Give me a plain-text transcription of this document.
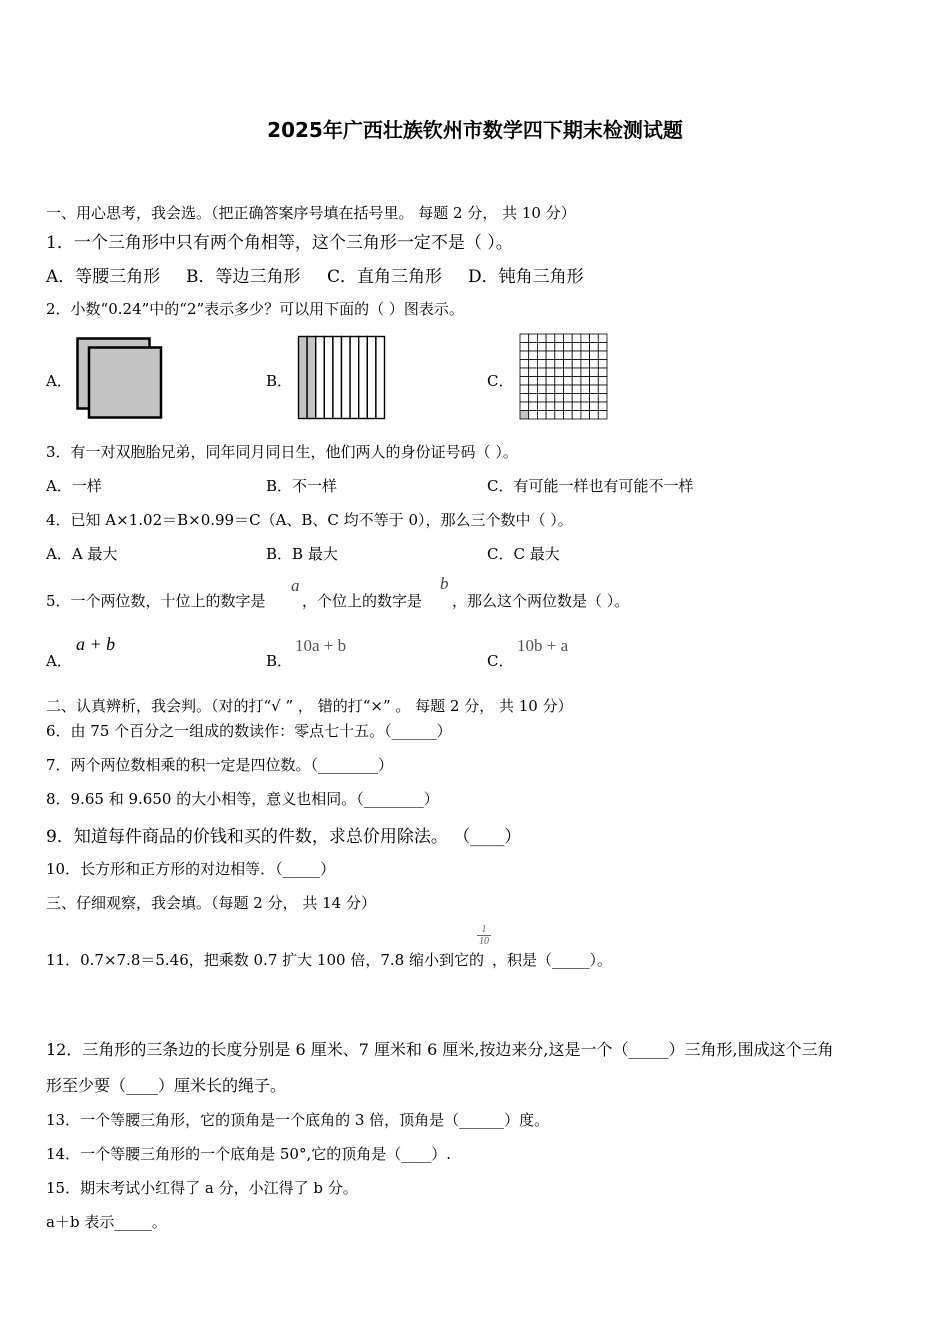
2025年广西壮族钦州市数学四下期末检测试题
一、用心思考，我会选。（把正确答案序号填在括号里。 每题 2 分， 共 10 分）
1．一个三角形中只有两个角相等，这个三角形一定不是（ ）。
A．等腰三角形 B．等边三角形 C．直角三角形 D．钝角三角形
2．小数“0.24”中的“2”表示多少？可以用下面的（ ）图表示。
A．	B．	C．
3．有一对双胞胎兄弟，同年同月同日生，他们两人的身份证号码（ ）。
A．一样	B．不一样	C．有可能一样也有可能不一样
4．已知 A×1.02＝B×0.99＝C（A、B、C 均不等于 0），那么三个数中（ ）。
A．A 最大	B．B 最大	C．C 最大
5．一个两位数，十位上的数字是
a
，个位上的数字是
b
，那么这个两位数是（ ）。
A．
a + b
B．
10a + b
C．
10b + a
二、认真辨析，我会判。（对的打“√ ” ， 错的打“×” 。 每题 2 分， 共 10 分）
6．由 75 个百分之一组成的数读作：零点七十五。（______）
7．两个两位数相乘的积一定是四位数。（________）
8．9.65 和 9.650 的大小相等，意义也相同。（________）
9．知道每件商品的价钱和买的件数，求总价用除法。 （____）
10．长方形和正方形的对边相等．（_____）
三、仔细观察，我会填。（每题 2 分， 共 14 分）
11．0.7×7.8＝5.46，把乘数 0.7 扩大 100 倍，7.8 缩小到它的
$\frac{1}{10}$
，积是（_____）。
12．三角形的三条边的长度分别是 6 厘米、7 厘米和 6 厘米,按边来分,这是一个（_____）三角形,围成这个三角
形至少要（____）厘米长的绳子。
13．一个等腰三角形，它的顶角是一个底角的 3 倍，顶角是（______）度。
14．一个等腰三角形的一个底角是 50°,它的顶角是（____）.
15．期末考试小红得了 a 分，小江得了 b 分。
a＋b 表示_____。
